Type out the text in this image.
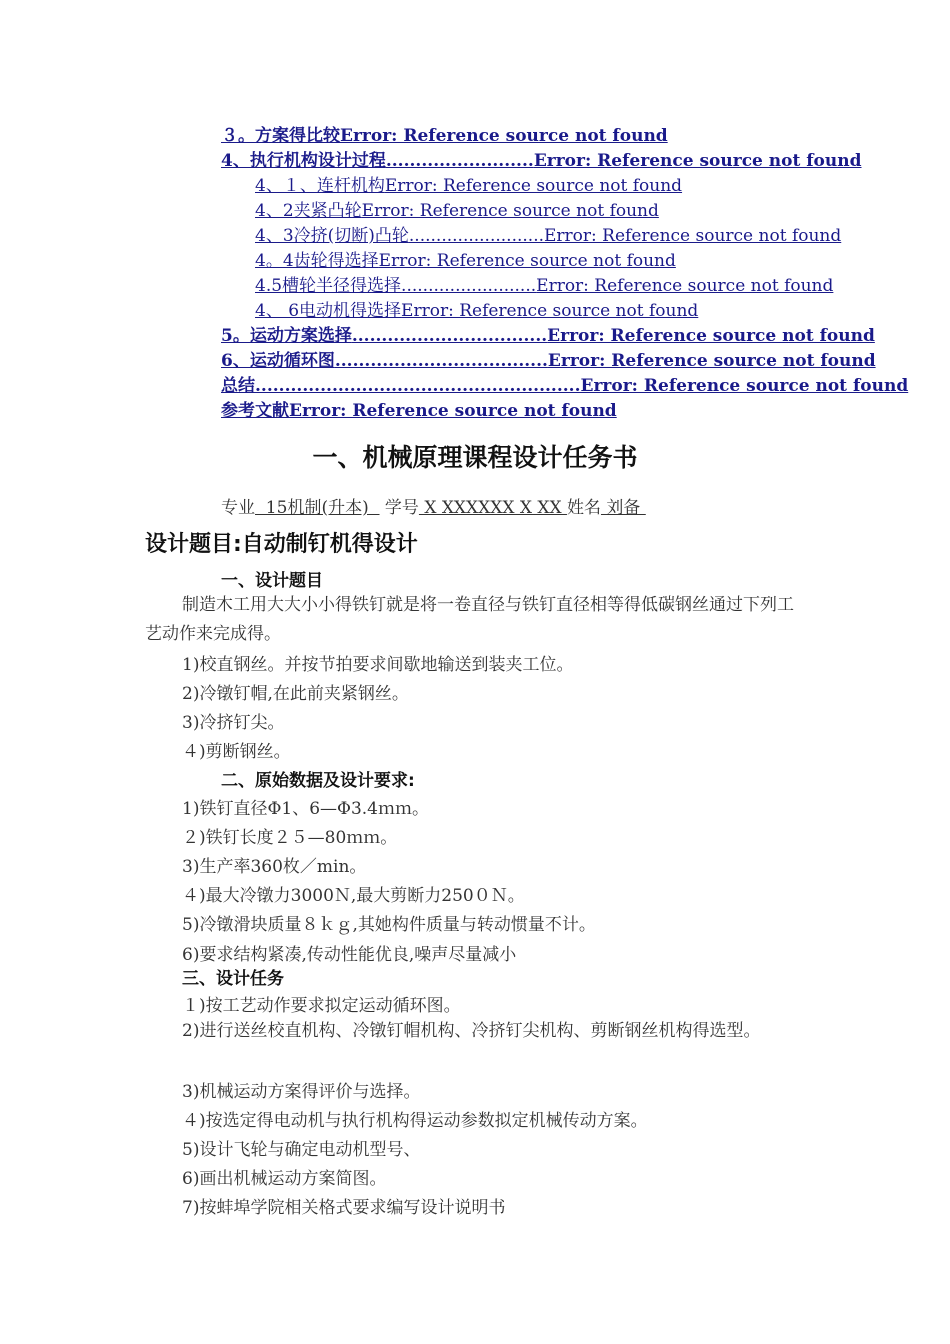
３。方案得比较Error: Reference source not found
4、执行机构设计过程.........................Error: Reference source not found
4、１、连杆机构Error: Reference source not found
4、2夹紧凸轮Error: Reference source not found
4、3冷挤(切断)凸轮.........................Error: Reference source not found
4。4齿轮得选择Error: Reference source not found
4.5槽轮半径得选择.........................Error: Reference source not found
4、 6电动机得选择Error: Reference source not found
5。运动方案选择.................................Error: Reference source not found
6、运动循环图....................................Error: Reference source not found
总结.......................................................Error: Reference source not found
参考文献Error: Reference source not found
一、机械原理课程设计任务书
专业  15机制(升本)   学号 X XXXXXX X XX 姓名 刘备
设计题目:自动制钉机得设计
一、设计题目
制造木工用大大小小得铁钉就是将一卷直径与铁钉直径相等得低碳钢丝通过下列工艺动作来完成得。
1)校直钢丝。并按节拍要求间歇地输送到装夹工位。
2)冷镦钉帽,在此前夹紧钢丝。
3)冷挤钉尖。
４)剪断钢丝。
二、原始数据及设计要求:
1)铁钉直径Φ1、6—Φ3.4ｍｍ。
２)铁钉长度２５—80ｍｍ。
3)生产率360枚／min。
４)最大冷镦力3000Ｎ,最大剪断力250０Ｎ。
5)冷镦滑块质量８ｋｇ,其她构件质量与转动惯量不计。
6)要求结构紧凑,传动性能优良,噪声尽量减小
三、设计任务
１)按工艺动作要求拟定运动循环图。
2)进行送丝校直机构、冷镦钉帽机构、冷挤钉尖机构、剪断钢丝机构得选型。
3)机械运动方案得评价与选择。
４)按选定得电动机与执行机构得运动参数拟定机械传动方案。
5)设计飞轮与确定电动机型号、
6)画出机械运动方案简图。
7)按蚌埠学院相关格式要求编写设计说明书
